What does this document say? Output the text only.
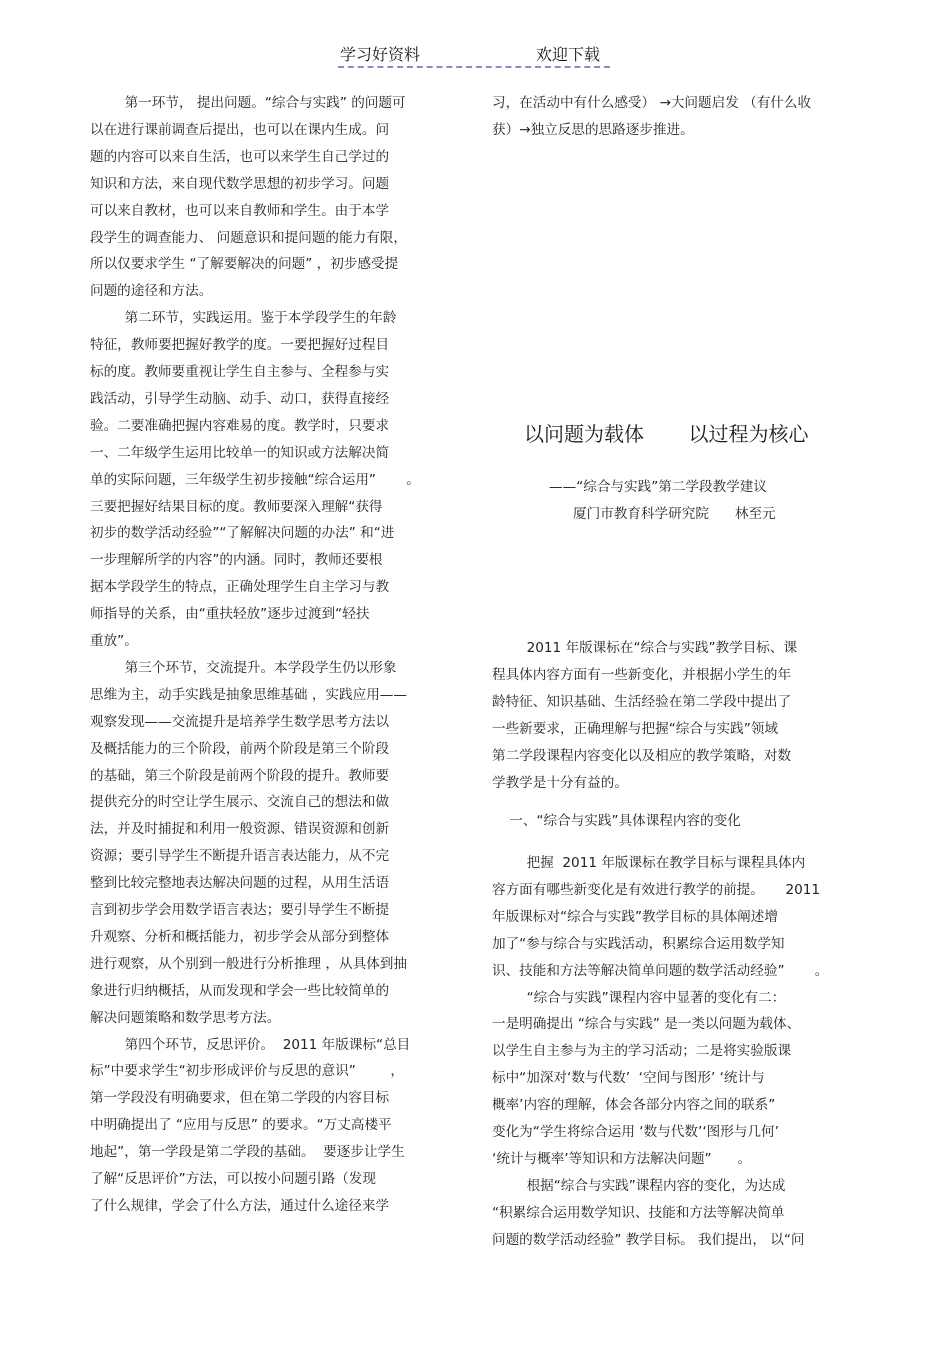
学习好资料	欢迎下载
第一环节， 提出问题。“综合与实践” 的问题可
以在进行课前调查后提出，也可以在课内生成。问
题的内容可以来自生活，也可以来学生自己学过的
知识和方法，来自现代数学思想的初步学习。问题
可以来自教材，也可以来自教师和学生。由于本学
段学生的调查能力、 问题意识和提问题的能力有限，
所以仅要求学生 “了解要解决的问题” ，初步感受提
问题的途径和方法。
第二环节，实践运用。鉴于本学段学生的年龄
特征，教师要把握好教学的度。一要把握好过程目
标的度。教师要重视让学生自主参与、全程参与实
践活动，引导学生动脑、动手、动口，获得直接经
验。二要准确把握内容难易的度。教学时，只要求
一、二年级学生运用比较单一的知识或方法解决简
单的实际问题，三年级学生初步接触“综合运用”       。
三要把握好结果目标的度。教师要深入理解“获得
初步的数学活动经验”“了解解决问题的办法” 和“进
一步理解所学的内容”的内涵。同时，教师还要根
据本学段学生的特点，正确处理学生自主学习与教
师指导的关系，由“重扶轻放”逐步过渡到“轻扶
重放”。
第三个环节，交流提升。本学段学生仍以形象
思维为主，动手实践是抽象思维基础 ，实践应用——
观察发现——交流提升是培养学生数学思考方法以
及概括能力的三个阶段，前两个阶段是第三个阶段
的基础，第三个阶段是前两个阶段的提升。教师要
提供充分的时空让学生展示、交流自己的想法和做
法，并及时捕捉和利用一般资源、错误资源和创新
资源；要引导学生不断提升语言表达能力，从不完
整到比较完整地表达解决问题的过程，从用生活语
言到初步学会用数学语言表达；要引导学生不断提
升观察、分析和概括能力，初步学会从部分到整体
进行观察，从个别到一般进行分析推理 ，从具体到抽
象进行归纳概括，从而发现和学会一些比较简单的
解决问题策略和数学思考方法。
第四个环节，反思评价。  2011 年版课标“总目
标”中要求学生“初步形成评价与反思的意识”        ，
第一学段没有明确要求，但在第二学段的内容目标
中明确提出了 “应用与反思” 的要求。“万丈高楼平
地起”，第一学段是第二学段的基础。  要逐步让学生
了解“反思评价”方法，可以按小问题引路（发现
了什么规律，学会了什么方法，通过什么途径来学
习，在活动中有什么感受） →大问题启发 （有什么收
获）→独立反思的思路逐步推进。
2011 年版课标在“综合与实践”教学目标、课
程具体内容方面有一些新变化，并根据小学生的年
龄特征、知识基础、生活经验在第二学段中提出了
一些新要求，正确理解与把握“综合与实践”领域
第二学段课程内容变化以及相应的教学策略，对数
学教学是十分有益的。
一、“综合与实践”具体课程内容的变化
把握  2011 年版课标在教学目标与课程具体内
容方面有哪些新变化是有效进行教学的前提。     2011
年版课标对“综合与实践”教学目标的具体阐述增
加了“参与综合与实践活动，积累综合运用数学知
识、技能和方法等解决简单问题的数学活动经验”       。
“综合与实践”课程内容中显著的变化有二：
一是明确提出 “综合与实践” 是一类以问题为载体、
以学生自主参与为主的学习活动；二是将实验版课
标中“加深对‘数与代数’  ‘空间与图形’ ‘统计与
概率’内容的理解，体会各部分内容之间的联系”
变化为“学生将综合运用 ‘数与代数’‘图形与几何’
‘统计与概率’等知识和方法解决问题”      。
根据“综合与实践”课程内容的变化，为达成
“积累综合运用数学知识、技能和方法等解决简单
问题的数学活动经验” 教学目标。 我们提出， 以“问
以问题为载体       以过程为核心
——“综合与实践”第二学段教学建议
厦门市教育科学研究院      林至元
